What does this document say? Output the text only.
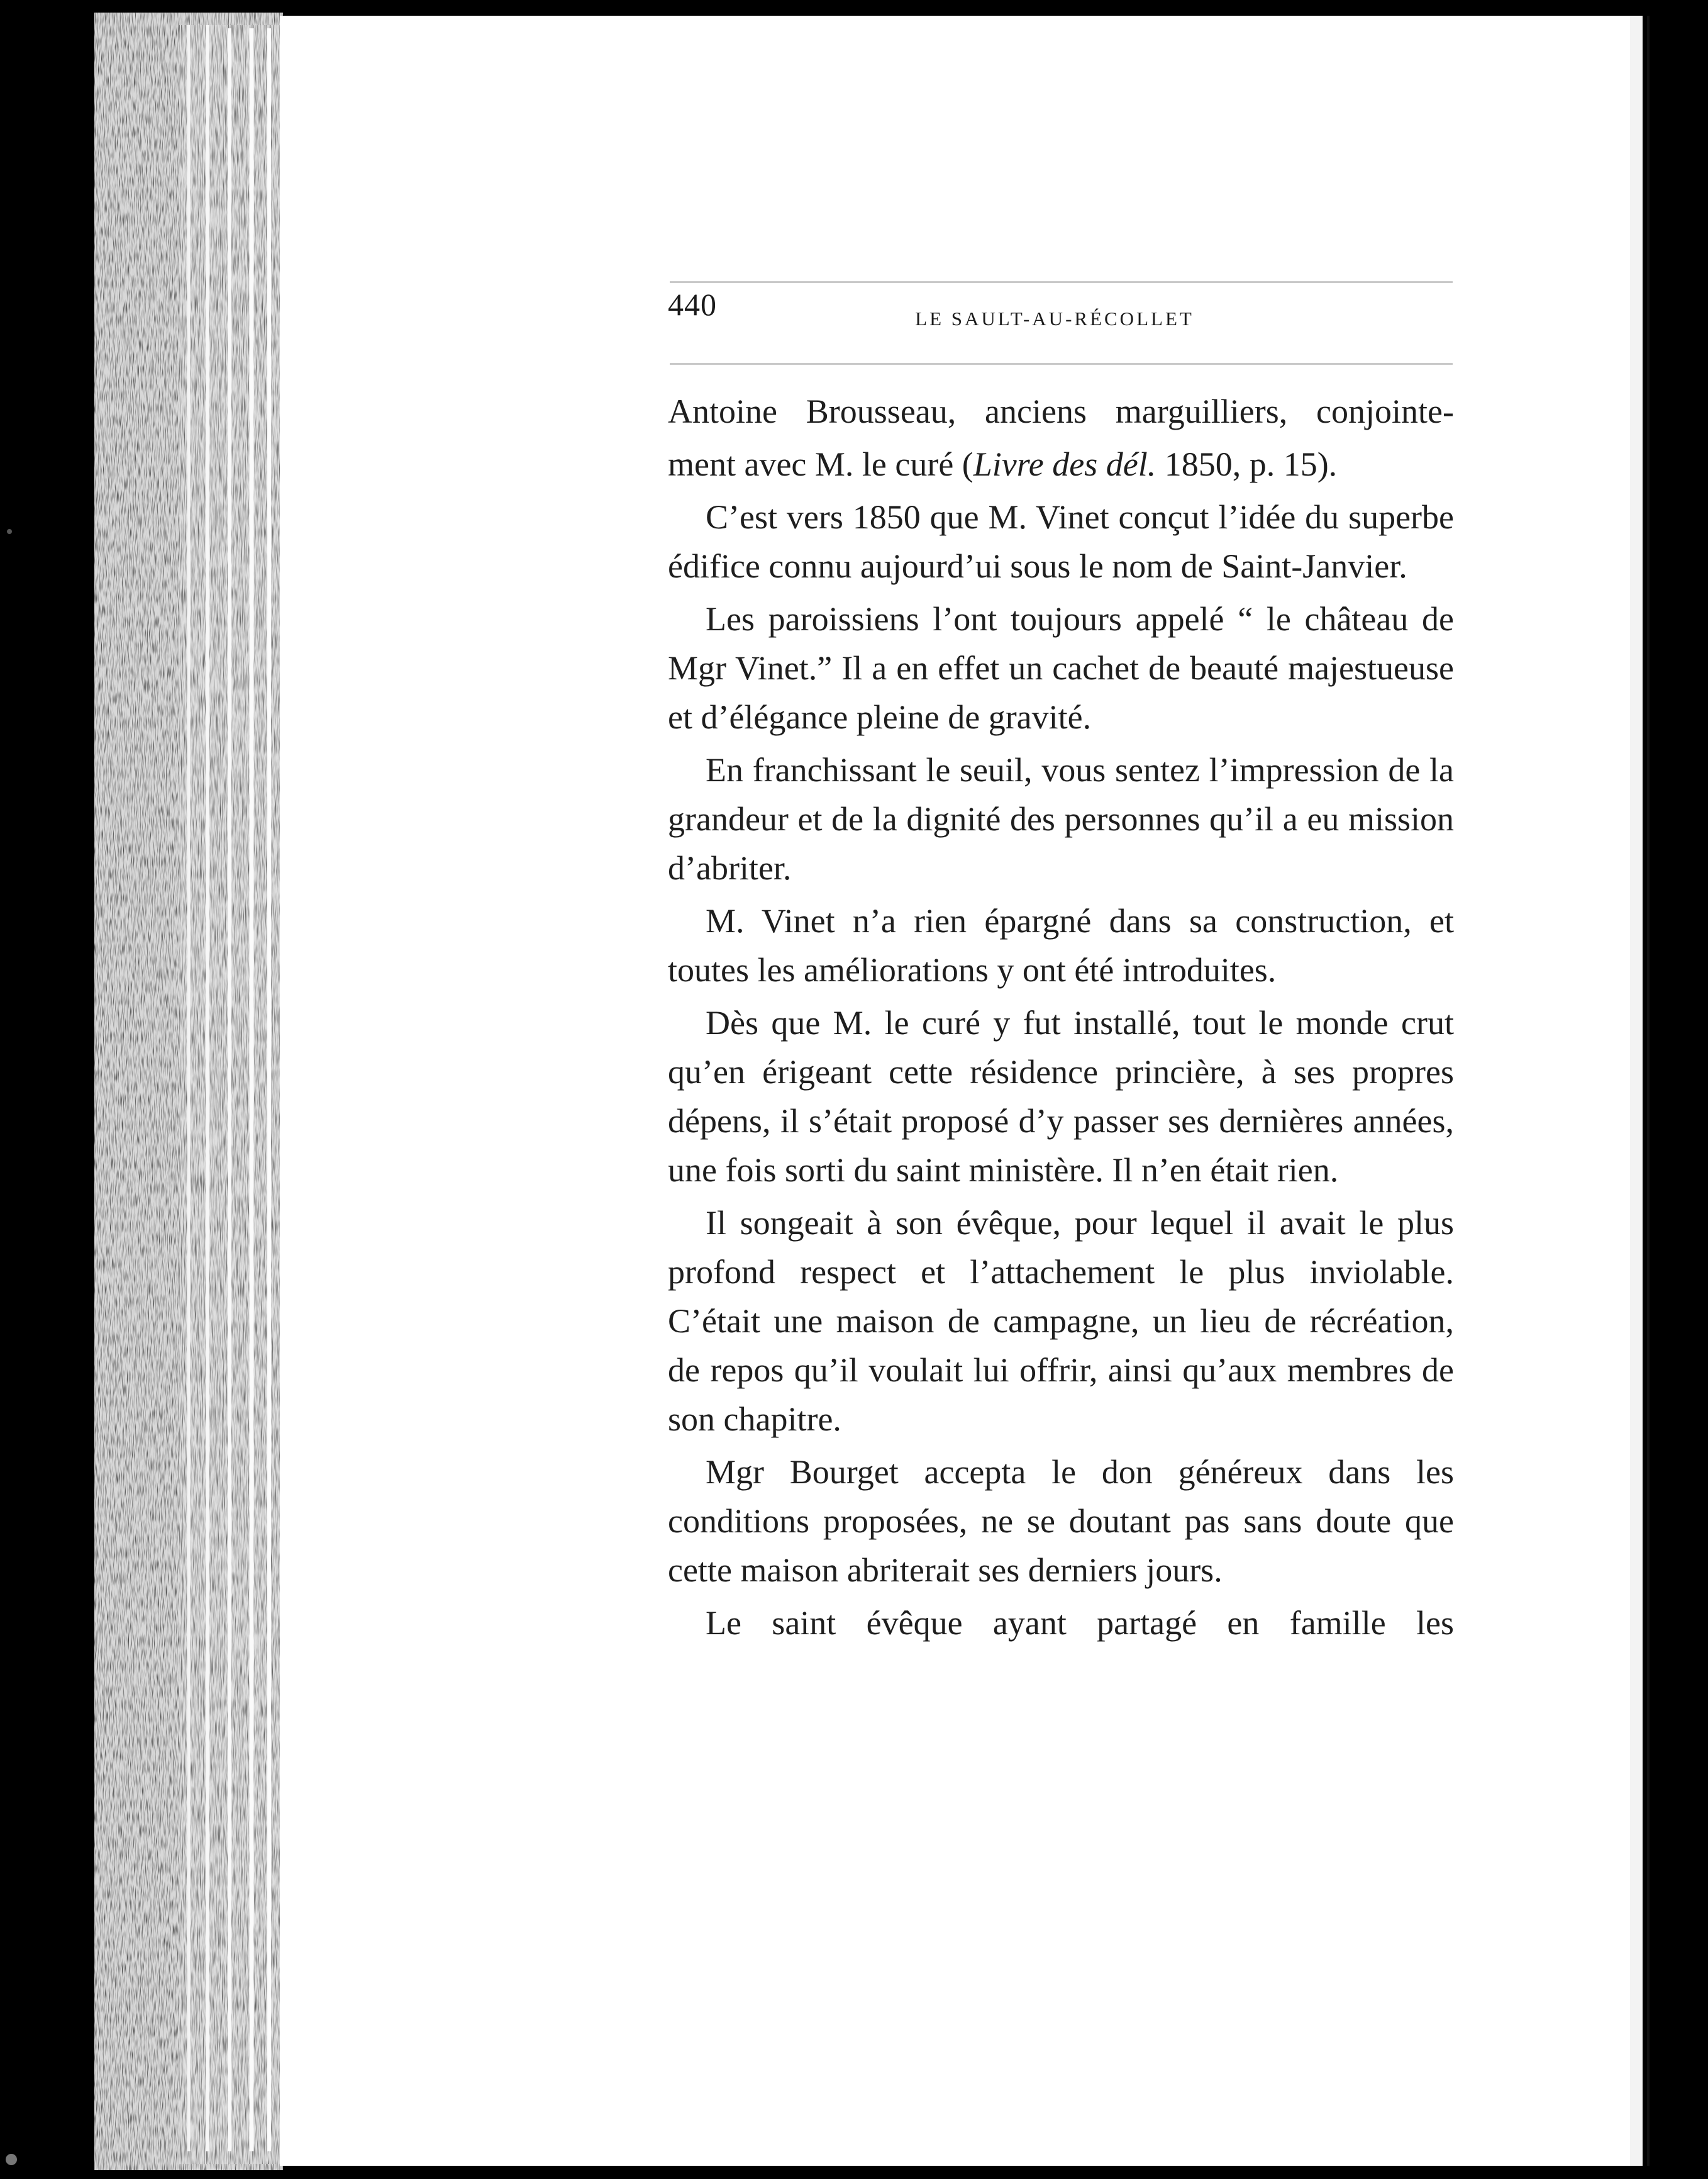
440	LE SAULT-AU-RÉCOLLET

Antoine Brousseau, anciens marguilliers, conjointe-

ment avec M. le curé (Livre des dél. 1850, p. 15).

C’est vers 1850 que M. Vinet conçut l’idée du superbe édifice connu aujourd’ui sous le nom de Saint-Janvier.

Les paroissiens l’ont toujours appelé “ le château de Mgr Vinet.” Il a en effet un cachet de beauté majestueuse et d’élégance pleine de gravité.

En franchissant le seuil, vous sentez l’impression de la grandeur et de la dignité des personnes qu’il a eu mission d’abriter.

M. Vinet n’a rien épargné dans sa construction, et toutes les améliorations y ont été introduites.

Dès que M. le curé y fut installé, tout le monde crut qu’en érigeant cette résidence princière, à ses propres dépens, il s’était proposé d’y passer ses dernières années, une fois sorti du saint ministère. Il n’en était rien.

Il songeait à son évêque, pour lequel il avait le plus profond respect et l’attachement le plus inviolable. C’était une maison de campagne, un lieu de récréation, de repos qu’il voulait lui offrir, ainsi qu’aux membres de son chapitre.

Mgr Bourget accepta le don généreux dans les conditions proposées, ne se doutant pas sans doute que cette maison abriterait ses derniers jours.

Le saint évêque ayant partagé en famille les
